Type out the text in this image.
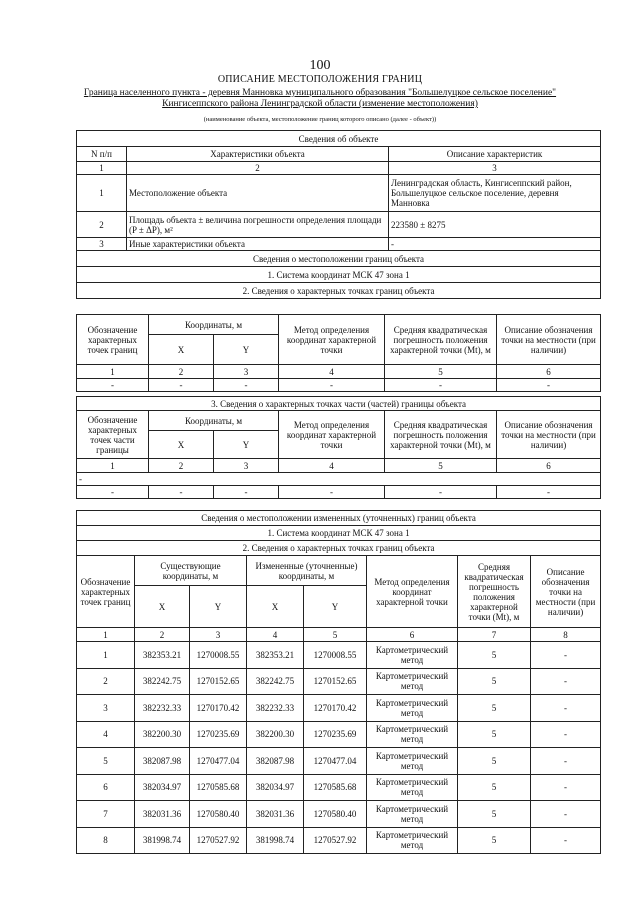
100
ОПИСАНИЕ МЕСТОПОЛОЖЕНИЯ ГРАНИЦ
Граница населенного пункта - деревня Манновка муниципального образования "Большелуцкое сельское поселение" Кингисеппского района Ленинградской области (изменение местоположения)
(наименование объекта, местоположение границ которого описано (далее - объект))
Сведения об объекте		
N п/п	Характеристики объекта	Описание характеристик
1	2	3
1	Местоположение объекта	Ленинградская область, Кингисеппский район, Большелуцкое сельское поселение, деревня Манновка
2	Площадь объекта ± величина погрешности определения площади (P ± ΔP), м²	223580 ± 8275
3	Иные характеристики объекта	-
Сведения о местоположении границ объекта		
1. Система координат МСК 47 зона 1		
2. Сведения о характерных точках границ объекта		
Обозначение характерных точек границ	Координаты, м		Метод определения координат характерной точки	Средняя квадратическая погрешность положения характерной точки (Mt), м	Описание обозначения точки на местности (при наличии)
	X	Y			
1	2	3	4	5	6
-	-	-	-	-	-
3. Сведения о характерных точках части (частей) границы объекта					
Обозначение характерных точек части границы	Координаты, м		Метод определения координат характерной точки	Средняя квадратическая погрешность положения характерной точки (Mt), м	Описание обозначения точки на местности (при наличии)
	X	Y			
1	2	3	4	5	6
-					
-	-	-	-	-	-
Сведения о местоположении измененных (уточненных) границ объекта							
1. Система координат МСК 47 зона 1							
2. Сведения о характерных точках границ объекта							
Обозначение характерных точек границ	Существующие координаты, м		Измененные (уточненные) координаты, м		Метод определения координат характерной точки	Средняя квадратическая погрешность положения характерной точки (Mt), м	Описание обозначения точки на местности (при наличии)
	X	Y	X	Y			
1	2	3	4	5	6	7	8
1	382353.21	1270008.55	382353.21	1270008.55	Картометрический метод	5	-
2	382242.75	1270152.65	382242.75	1270152.65	Картометрический метод	5	-
3	382232.33	1270170.42	382232.33	1270170.42	Картометрический метод	5	-
4	382200.30	1270235.69	382200.30	1270235.69	Картометрический метод	5	-
5	382087.98	1270477.04	382087.98	1270477.04	Картометрический метод	5	-
6	382034.97	1270585.68	382034.97	1270585.68	Картометрический метод	5	-
7	382031.36	1270580.40	382031.36	1270580.40	Картометрический метод	5	-
8	381998.74	1270527.92	381998.74	1270527.92	Картометрический метод	5	-
